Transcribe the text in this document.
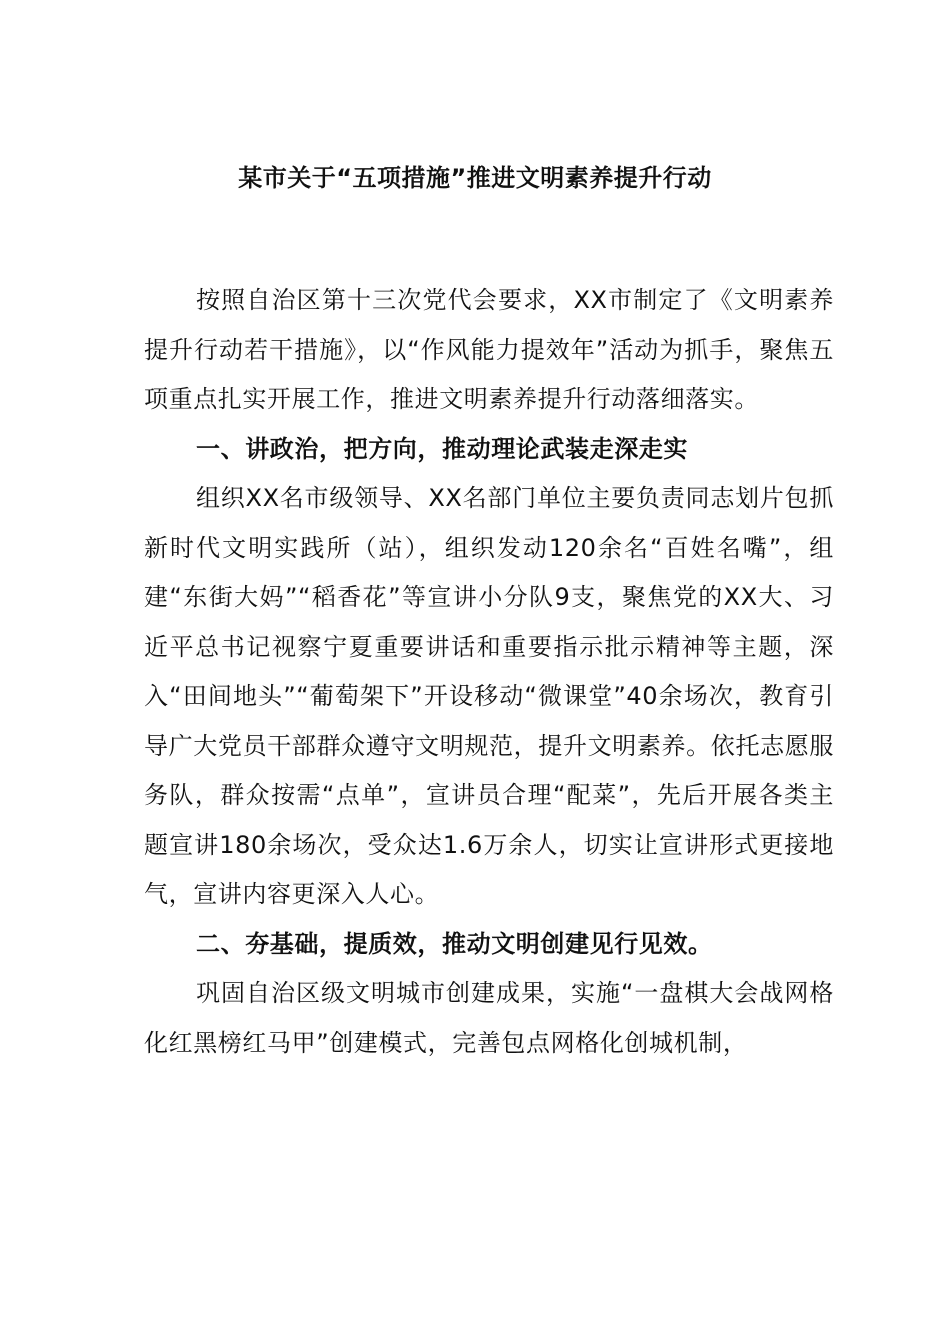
某市关于“五项措施”推进文明素养提升行动

按照自治区第十三次党代会要求，XX市制定了《文明素养提升行动若干措施》，以“作风能力提效年”活动为抓手，聚焦五项重点扎实开展工作，推进文明素养提升行动落细落实。

一、讲政治，把方向，推动理论武装走深走实

组织XX名市级领导、XX名部门单位主要负责同志划片包抓新时代文明实践所（站），组织发动120余名“百姓名嘴”，组建“东街大妈”“稻香花”等宣讲小分队9支，聚焦党的XX大、习近平总书记视察宁夏重要讲话和重要指示批示精神等主题，深入“田间地头”“葡萄架下”开设移动“微课堂”40余场次，教育引导广大党员干部群众遵守文明规范，提升文明素养。依托志愿服务队，群众按需“点单”，宣讲员合理“配菜”，先后开展各类主题宣讲180余场次，受众达1.6万余人，切实让宣讲形式更接地气，宣讲内容更深入人心。

二、夯基础，提质效，推动文明创建见行见效。

巩固自治区级文明城市创建成果，实施“一盘棋大会战网格化红黑榜红马甲”创建模式，完善包点网格化创城机制，
